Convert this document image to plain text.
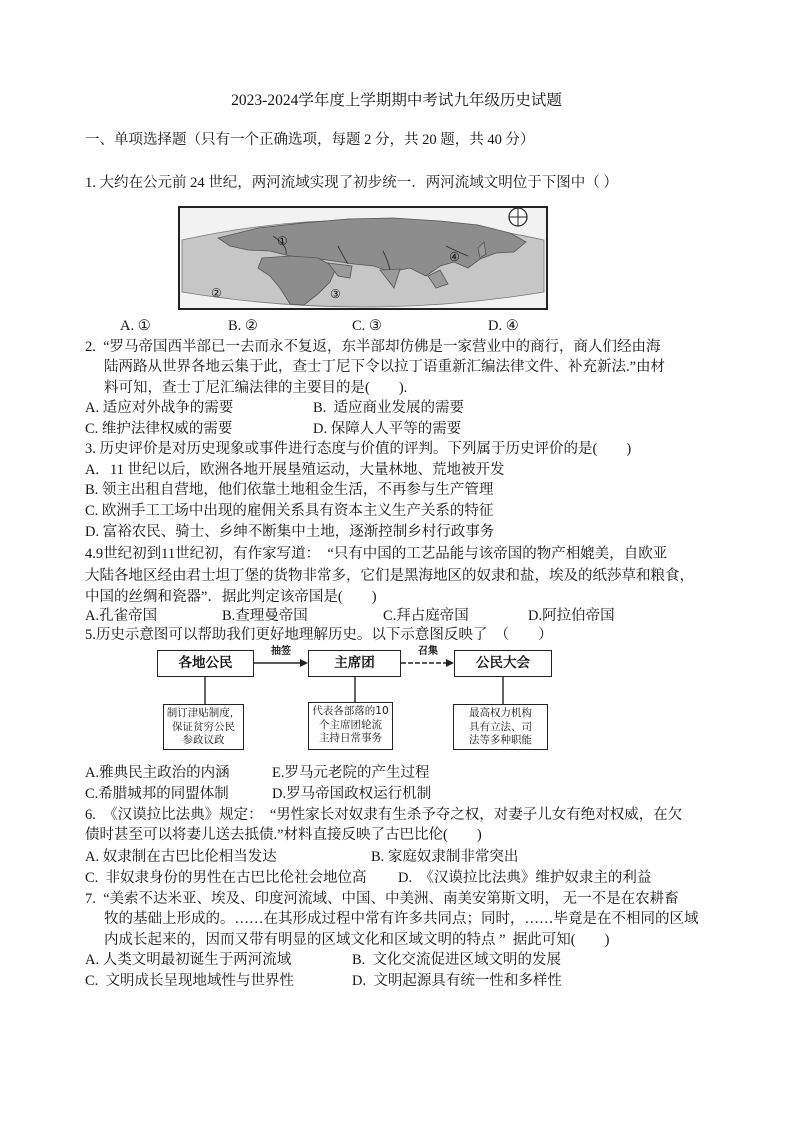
2023-2024学年度上学期期中考试九年级历史试题
一、单项选择题（只有一个正确选项，每题 2 分，共 20 题，共 40 分）
1. 大约在公元前 24 世纪，两河流域实现了初步统一．两河流域文明位于下图中（ ）
①
②	③
④
A. ①	B. ②	C. ③	D. ④
2.  “罗马帝国西半部已一去而永不复返，东半部却仿佛是一家营业中的商行，商人们经由海
陆两路从世界各地云集于此，查士丁尼下令以拉丁语重新汇编法律文件、补充新法.”由材
料可知，查士丁尼汇编法律的主要目的是(　　).
A. 适应对外战争的需要	B.  适应商业发展的需要
C. 维护法律权威的需要	D. 保障人人平等的需要
3. 历史评价是对历史现象或事件进行态度与价值的评判。下列属于历史评价的是(　　)
A.   11 世纪以后，欧洲各地开展垦殖运动，大量林地、荒地被开发
B. 领主出租自营地，他们依靠土地租金生活，不再参与生产管理
C. 欧洲手工工场中出现的雇佣关系具有资本主义生产关系的特征
D. 富裕农民、骑士、乡绅不断集中土地，逐渐控制乡村行政事务
4.9世纪初到11世纪初，有作家写道：  “只有中国的工艺品能与该帝国的物产相媲美，自欧亚
大陆各地区经由君士坦丁堡的货物非常多，它们是黑海地区的奴隶和盐，埃及的纸莎草和粮食，
中国的丝绸和瓷器”．据此判定该帝国是(　　)
A.孔雀帝国	B.查理曼帝国	C.拜占庭帝国	D.阿拉伯帝国
5.历史示意图可以帮助我们更好地理解历史。以下示意图反映了  （　　）
各地公民	主席团	公民大会
抽签	召集
制订津贴制度，
保证贫穷公民
参政议政
代表各部落的10
个主席团轮流
主持日常事务
最高权力机构
具有立法、司
法等多种职能
A.雅典民主政治的内涵	E.罗马元老院的产生过程
C.希腊城邦的同盟体制	D.罗马帝国政权运行机制
6.  《汉谟拉比法典》规定：  “男性家长对奴隶有生杀予夺之权，对妻子儿女有绝对权威，在欠
债时甚至可以将妻儿送去抵债.”材料直接反映了古巴比伦(　　)
A. 奴隶制在古巴比伦相当发达	B. 家庭奴隶制非常突出
C.  非奴隶身份的男性在古巴比伦社会地位高 D.  《汉谟拉比法典》维护奴隶主的利益
7.  “美索不达米亚、埃及、印度河流域、中国、中美洲、南美安第斯文明， 无一不是在农耕畜
牧的基础上形成的。……在其形成过程中常有许多共同点；同时，……毕竟是在不相同的区域
内成长起来的，因而又带有明显的区域文化和区域文明的特点 ”  据此可知(　　)
A. 人类文明最初诞生于两河流域	B.  文化交流促进区域文明的发展
C.  文明成长呈现地域性与世界性	D.  文明起源具有统一性和多样性
